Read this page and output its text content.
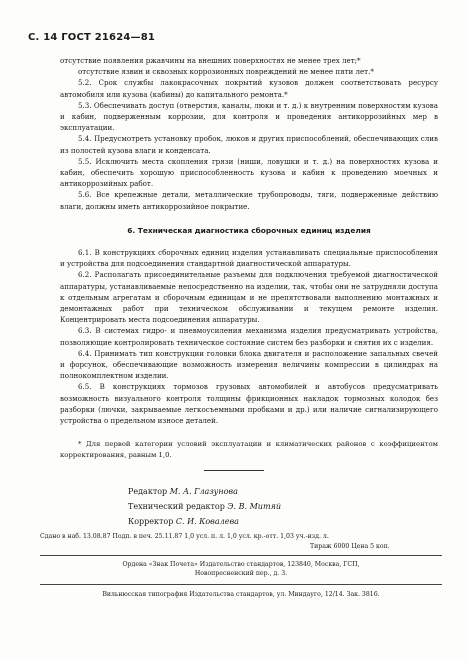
С. 14 ГОСТ 21624—81

отсутствие появления ржавчины на внешних поверхностях не менее трех лет;*

отсутствие язвин и сквозных коррозионных повреждений не менее пяти лет.*

5.2. Срок службы лакокрасочных покрытий кузовов должен соответствовать ресурсу автомобиля или кузова (кабины) до капитального ремонта.*

5.3. Обеспечивать доступ (отверстия, каналы, люки и т. д.) к внутренним поверхностям кузова и кабин, подверженным коррозии, для контроля и проведения антикоррозийных мер в эксплуатации.

5.4. Предусмотреть установку пробок, люков и других приспособлений, обеспечивающих слив из полостей кузова влаги и конденсата.

5.5. Исключить места скопления грязи (ниши, ловушки и т. д.) на поверхностях кузова и кабин, обеспечить хорошую приспособленность кузова и кабин к проведению моечных и антикоррозийных работ.

5.6. Все крепежные детали, металлические трубопроводы, тяги, подверженные действию влаги, должны иметь антикоррозийное покрытие.

6. Техническая диагностика сборочных единиц изделия

6.1. В конструкциях сборочных единиц изделия устанавливать специальные приспособления и устройства для подсоединения стандартной диагностической аппаратуры.

6.2. Располагать присоединительные разъемы для подключения требуемой диагностической аппаратуры, устанавливаемые непосредственно на изделии, так, чтобы они не затрудняли доступа к отдельным агрегатам и сборочным единицам и не препятствовали выполнению монтажных и демонтажных работ при техническом обслуживании и текущем ремонте изделия. Концентрировать места подсоединения аппаратуры.

6.3. В системах гидро- и пневмоусиления механизма изделия предусматривать устройства, позволяющие контролировать техническое состояние систем без разборки и снятия их с изделия.

6.4. Принимать тип конструкции головки блока двигателя и расположение запальных свечей и форсунок, обеспечивающие возможность измерения величины компрессии в цилиндрах на полнокомплектном изделии.

6.5. В конструкциях тормозов грузовых автомобилей и автобусов предусматривать возможность визуального контроля толщины фрикционных накладок тормозных колодок без разборки (лючки, закрываемые легкосъемными пробками и др.) или наличие сигнализирующего устройства о предельном износе деталей.

* Для первой категории условий эксплуатации и климатических районов с коэффициентом корректирования, равным 1,0.

Редактор М. А. Глазунова
Технический редактор Э. В. Митяй
Корректор С. И. Ковалева
Сдано в наб. 13.08.87 Подп. в печ. 25.11.87 1,0 усл. п. л. 1,0 усл. кр.-отт. 1,03 уч.-изд. л.
Тираж 6000 Цена 5 коп.
Ордена «Знак Почета» Издательство стандартов, 123840, Москва, ГСП,
Новопресненский пер., д. 3.
Вильнюсская типография Издательства стандартов, ул. Миндауго, 12/14. Зак. 3816.
